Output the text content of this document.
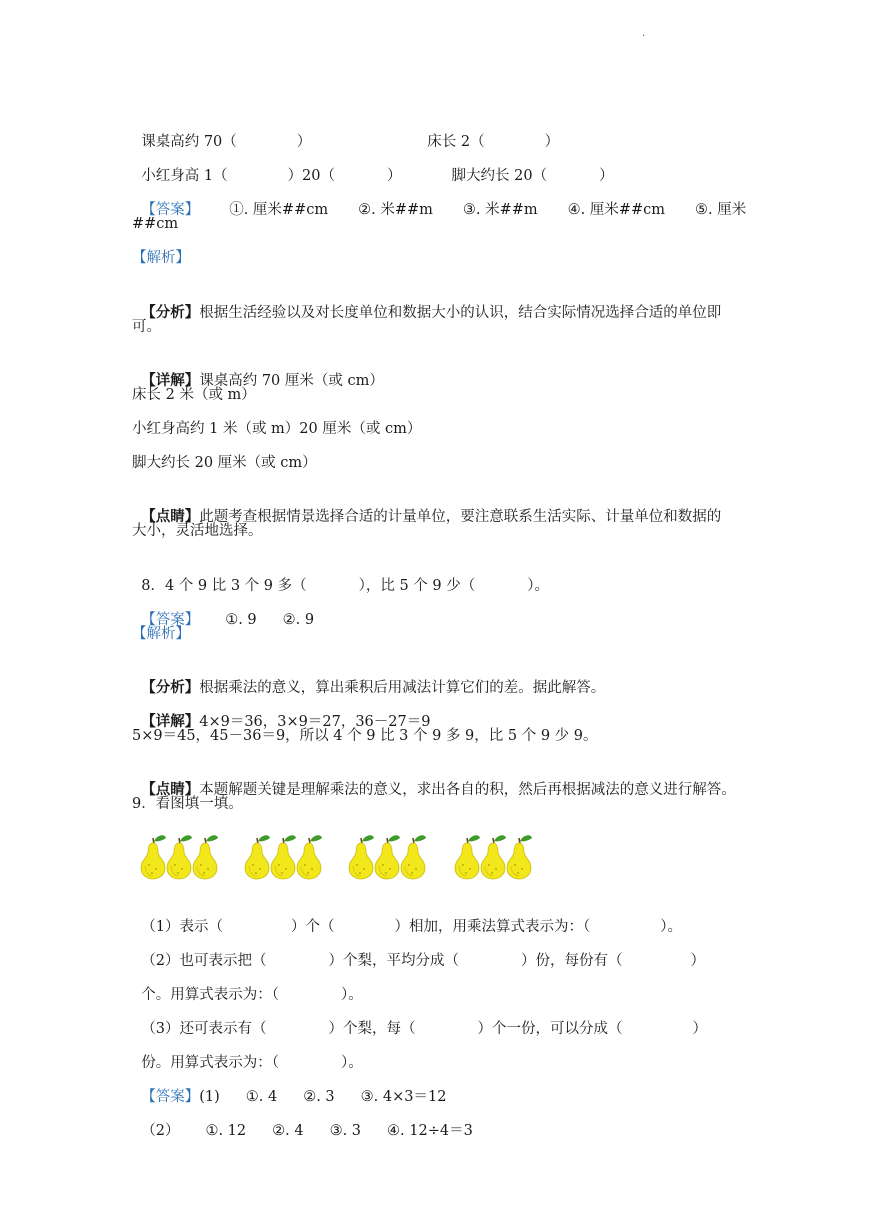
.

课桌高约 70（	）	床长 2（	）

小红身高 1（	）20（	）	脚大约长 20（	）

【答案】 ①. 厘米##cm ②. 米##m ③. 米##m ④. 厘米##cm ⑤. 厘米

##cm
【解析】

【分析】根据生活经验以及对长度单位和数据大小的认识，结合实际情况选择合适的单位即

可。

【详解】课桌高约 70 厘米（或 cm）

床长 2 米（或 m）
小红身高约 1 米（或 m）20 厘米（或 cm）
脚大约长 20 厘米（或 cm）

【点睛】此题考查根据情景选择合适的计量单位，要注意联系生活实际、计量单位和数据的

大小，灵活地选择。

8．4 个 9 比 3 个 9 多（	），比 5 个 9 少（	）。

【答案】 ①. 9 ②. 9

【解析】

【分析】根据乘法的意义，算出乘积后用减法计算它们的差。据此解答。

【详解】4×9＝36，3×9＝27，36－27＝9

5×9＝45，45－36＝9，所以 4 个 9 比 3 个 9 多 9，比 5 个 9 少 9。

【点睛】本题解题关键是理解乘法的意义，求出各自的积，然后再根据减法的意义进行解答。

9．看图填一填。

（1）表示（	）个（	）相加，用乘法算式表示为：（	）。

（2）也可表示把（	）个梨，平均分成（	）份，每份有（	）

个。用算式表示为：（	）。

（3）还可表示有（	）个梨，每（	）个一份，可以分成（	）

份。用算式表示为：（	）。

【答案】(1) ①. 4 ②. 3 ③. 4×3＝12

（2） ①. 12 ②. 4 ③. 3 ④. 12÷4＝3
